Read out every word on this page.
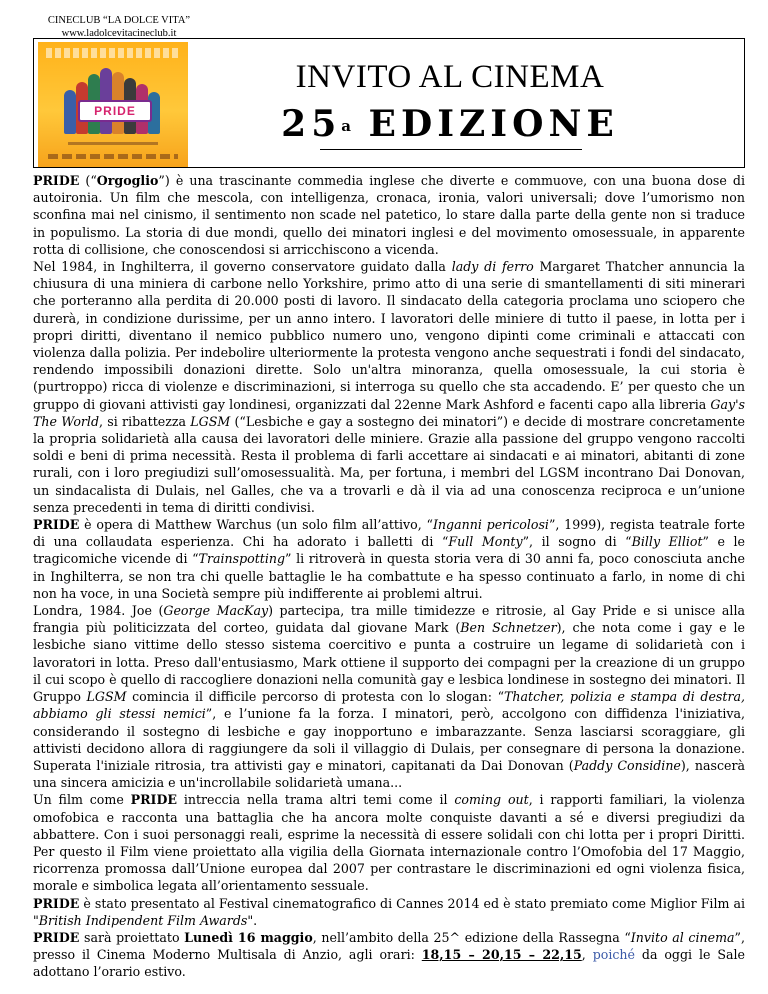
CINECLUB “LA DOLCE VITA”
www.ladolcevitacineclub.it
PRIDE
INVITO AL CINEMA
25$^a$ EDIZIONE

PRIDE (“Orgoglio”) è una trascinante commedia inglese che diverte e commuove, con una buona dose di autoironia. Un film che mescola, con intelligenza, cronaca, ironia, valori universali; dove l’umorismo non sconfina mai nel cinismo, il sentimento non scade nel patetico, lo stare dalla parte della gente non si traduce in populismo. La storia di due mondi, quello dei minatori inglesi e del movimento omosessuale, in apparente rotta di collisione, che conoscendosi si arricchiscono a vicenda.

Nel 1984, in Inghilterra, il governo conservatore guidato dalla lady di ferro Margaret Thatcher annuncia la chiusura di una miniera di carbone nello Yorkshire, primo atto di una serie di smantellamenti di siti minerari che porteranno alla perdita di 20.000 posti di lavoro. Il sindacato della categoria proclama uno sciopero che durerà, in condizione durissime, per un anno intero. I lavoratori delle miniere di tutto il paese, in lotta per i propri diritti, diventano il nemico pubblico numero uno, vengono dipinti come criminali e attaccati con violenza dalla polizia. Per indebolire ulteriormente la protesta vengono anche sequestrati i fondi del sindacato, rendendo impossibili donazioni dirette. Solo un'altra minoranza, quella omosessuale, la cui storia è (purtroppo) ricca di violenze e discriminazioni, si interroga su quello che sta accadendo. E’ per questo che un gruppo di giovani attivisti gay londinesi, organizzati dal 22enne Mark Ashford e facenti capo alla libreria Gay's The World, si ribattezza LGSM (“Lesbiche e gay a sostegno dei minatori”) e decide di mostrare concretamente la propria solidarietà alla causa dei lavoratori delle miniere. Grazie alla passione del gruppo vengono raccolti soldi e beni di prima necessità. Resta il problema di farli accettare ai sindacati e ai minatori, abitanti di zone rurali, con i loro pregiudizi sull’omosessualità. Ma, per fortuna, i membri del LGSM incontrano Dai Donovan, un sindacalista di Dulais, nel Galles, che va a trovarli e dà il via ad una conoscenza reciproca e un’unione senza precedenti in tema di diritti condivisi.

PRIDE è opera di Matthew Warchus (un solo film all’attivo, “Inganni pericolosi”, 1999), regista teatrale forte di una collaudata esperienza. Chi ha adorato i balletti di “Full Monty”, il sogno di “Billy Elliot” e le tragicomiche vicende di “Trainspotting” li ritroverà in questa storia vera di 30 anni fa, poco conosciuta anche in Inghilterra, se non tra chi quelle battaglie le ha combattute e ha spesso continuato a farlo, in nome di chi non ha voce, in una Società sempre più indifferente ai problemi altrui.

Londra, 1984. Joe (George MacKay) partecipa, tra mille timidezze e ritrosie, al Gay Pride e si unisce alla frangia più politicizzata del corteo, guidata dal giovane Mark (Ben Schnetzer), che nota come i gay e le lesbiche siano vittime dello stesso sistema coercitivo e punta a costruire un legame di solidarietà con i lavoratori in lotta. Preso dall'entusiasmo, Mark ottiene il supporto dei compagni per la creazione di un gruppo il cui scopo è quello di raccogliere donazioni nella comunità gay e lesbica londinese in sostegno dei minatori. Il Gruppo LGSM comincia il difficile percorso di protesta con lo slogan: “Thatcher, polizia e stampa di destra, abbiamo gli stessi nemici”, e l’unione fa la forza. I minatori, però, accolgono con diffidenza l'iniziativa, considerando il sostegno di lesbiche e gay inopportuno e imbarazzante. Senza lasciarsi scoraggiare, gli attivisti decidono allora di raggiungere da soli il villaggio di Dulais, per consegnare di persona la donazione. Superata l'iniziale ritrosia, tra attivisti gay e minatori, capitanati da Dai Donovan (Paddy Considine), nascerà una sincera amicizia e un'incrollabile solidarietà umana...

Un film come PRIDE intreccia nella trama altri temi come il coming out, i rapporti familiari, la violenza omofobica e racconta una battaglia che ha ancora molte conquiste davanti a sé e diversi pregiudizi da abbattere. Con i suoi personaggi reali, esprime la necessità di essere solidali con chi lotta per i propri Diritti. Per questo il Film viene proiettato alla vigilia della Giornata internazionale contro l’Omofobia del 17 Maggio, ricorrenza promossa dall’Unione europea dal 2007 per contrastare le discriminazioni ed ogni violenza fisica, morale e simbolica legata all’orientamento sessuale.

PRIDE è stato presentato al Festival cinematografico di Cannes 2014 ed è stato premiato come Miglior Film ai "British Indipendent Film Awards".

PRIDE sarà proiettato Lunedì 16 maggio, nell’ambito della 25^ edizione della Rassegna “Invito al cinema”, presso il Cinema Moderno Multisala di Anzio, agli orari: 18,15 – 20,15 – 22,15, poiché da oggi le Sale adottano l’orario estivo.
